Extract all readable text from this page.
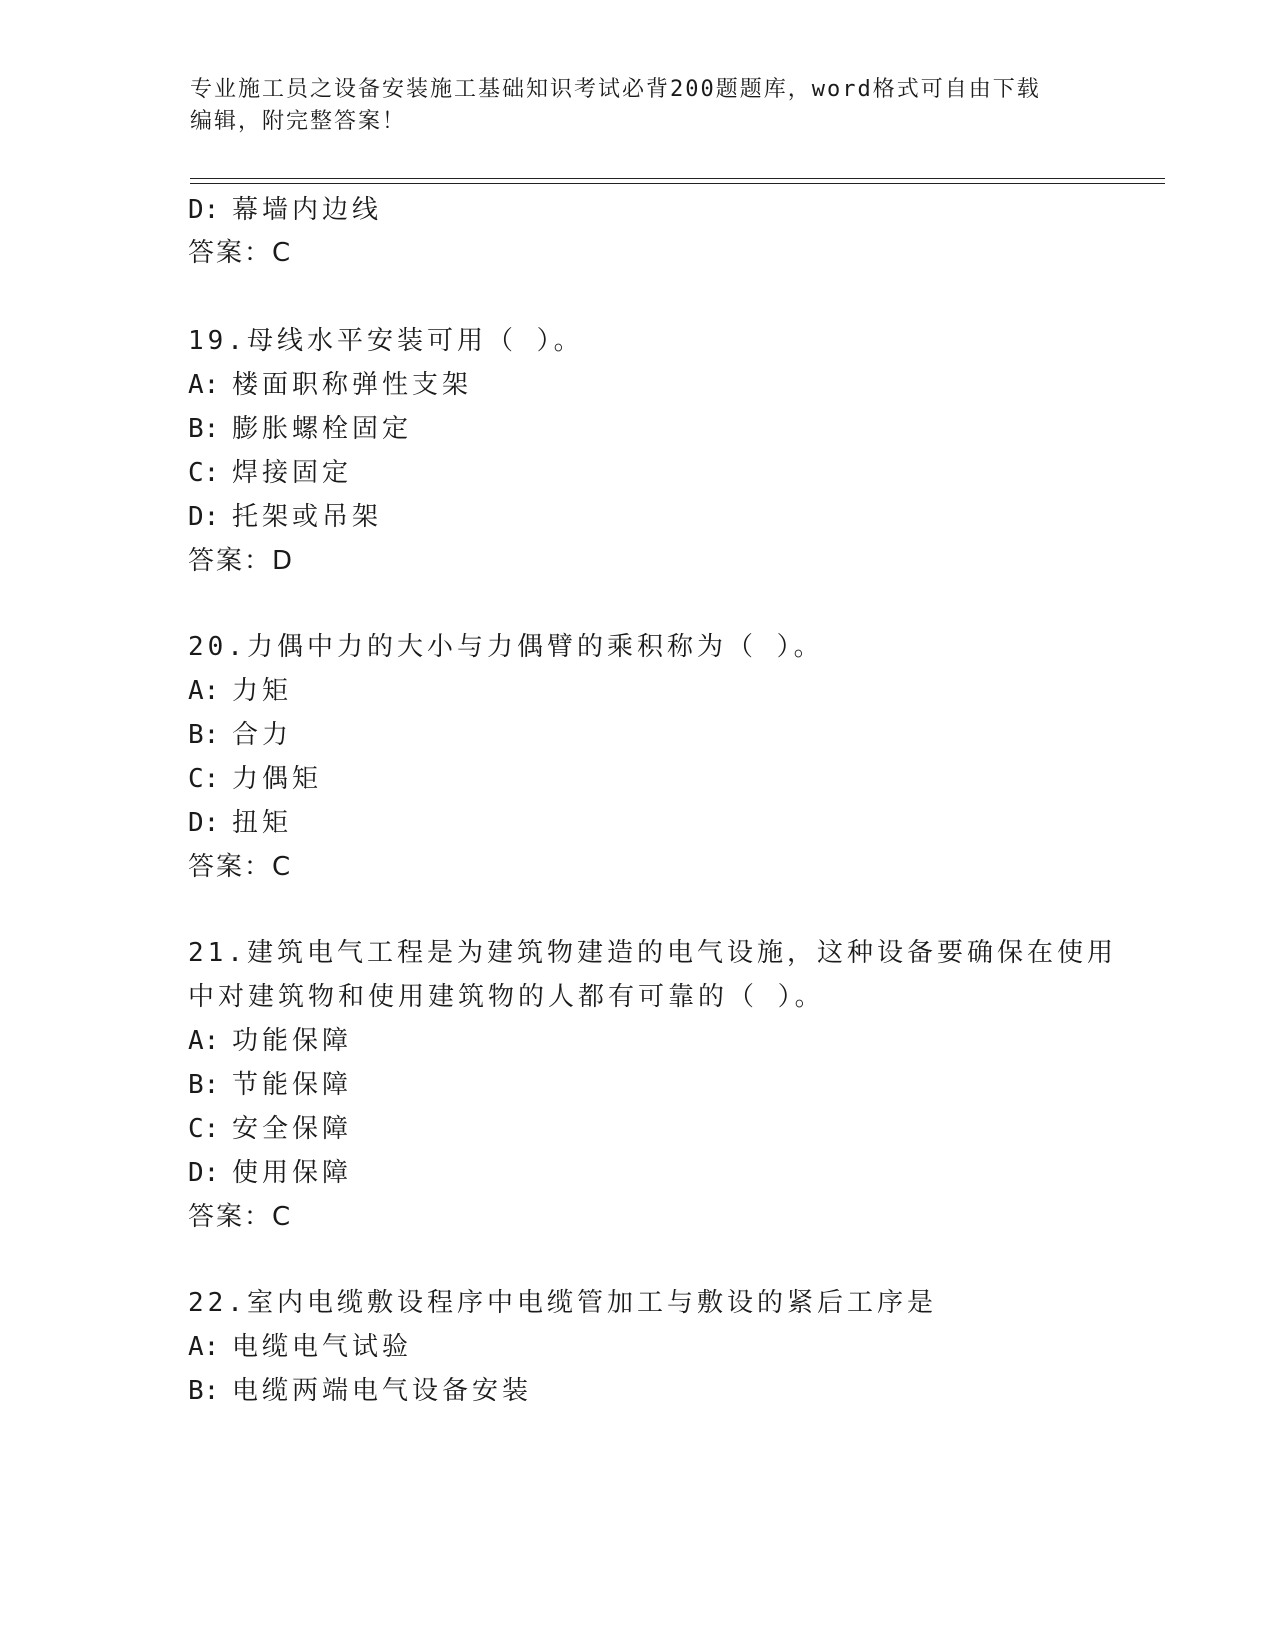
专业施工员之设备安装施工基础知识考试必背200题题库，word格式可自由下载
编辑，附完整答案！
D: 幕墙内边线
答案：C
19.母线水平安装可用（ ）。
A: 楼面职称弹性支架
B: 膨胀螺栓固定
C: 焊接固定
D: 托架或吊架
答案：D
20.力偶中力的大小与力偶臂的乘积称为（ ）。
A: 力矩
B: 合力
C: 力偶矩
D: 扭矩
答案：C
21.建筑电气工程是为建筑物建造的电气设施，这种设备要确保在使用
中对建筑物和使用建筑物的人都有可靠的（ ）。
A: 功能保障
B: 节能保障
C: 安全保障
D: 使用保障
答案：C
22.室内电缆敷设程序中电缆管加工与敷设的紧后工序是
A: 电缆电气试验
B: 电缆两端电气设备安装
